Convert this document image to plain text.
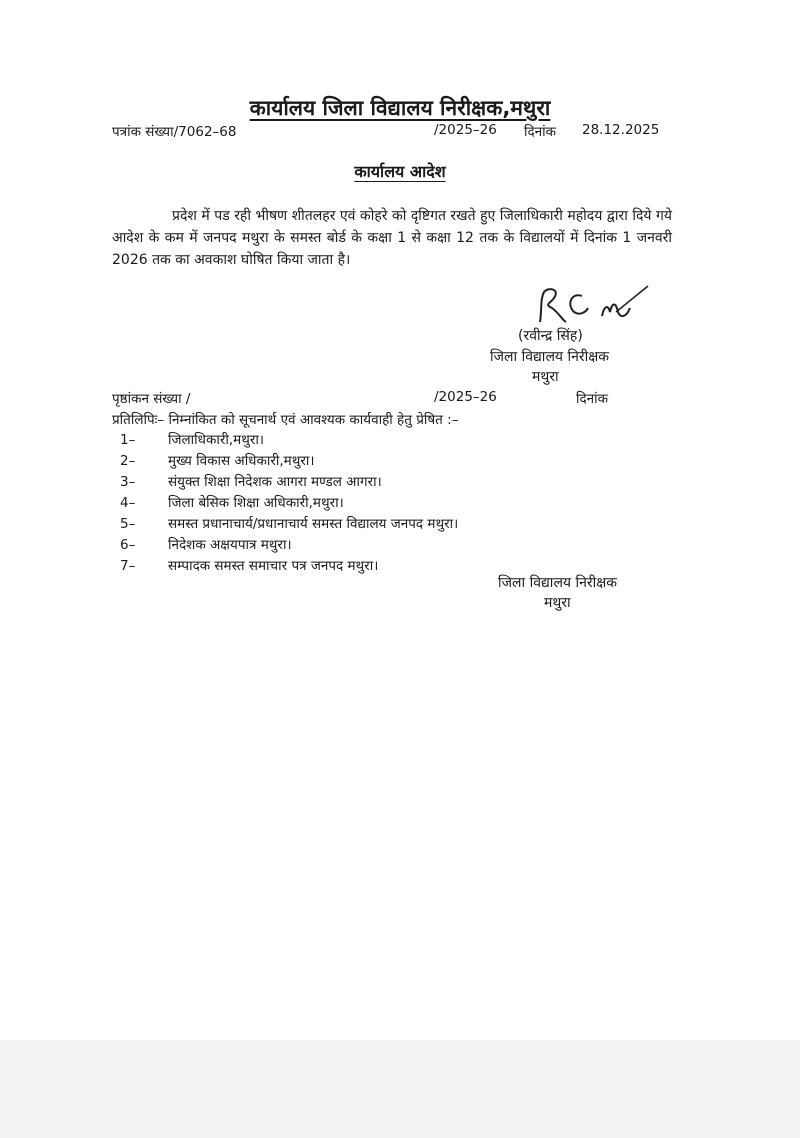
कार्यालय जिला विद्यालय निरीक्षक,मथुरा
पत्रांक संख्या/7062–68	/2025–26 दिनांक 28.12.2025
कार्यालय आदेश
प्रदेश में पड रही भीषण शीतलहर एवं कोहरे को दृष्टिगत रखते हुए जिलाधिकारी महोदय द्वारा दिये गये आदेश के कम में जनपद मथुरा के समस्त बोर्ड के कक्षा 1 से कक्षा 12 तक के विद्यालयों में दिनांक 1 जनवरी 2026 तक का अवकाश घोषित किया जाता है।
(रवीन्द्र सिंह)
जिला विद्यालय निरीक्षक
मथुरा
पृष्ठांकन संख्या /	/2025–26	दिनांक
प्रतिलिपिः– निम्नांकित को सूचनार्थ एवं आवश्यक कार्यवाही हेतु प्रेषित :–
1– जिलाधिकारी,मथुरा।
2– मुख्य विकास अधिकारी,मथुरा।
3– संयुक्त शिक्षा निदेशक आगरा मण्डल आगरा।
4– जिला बेसिक शिक्षा अधिकारी,मथुरा।
5– समस्त प्रधानाचार्य/प्रधानाचार्य समस्त विद्यालय जनपद मथुरा।
6– निदेशक अक्षयपात्र मथुरा।
7– सम्पादक समस्त समाचार पत्र जनपद मथुरा।
जिला विद्यालय निरीक्षक
मथुरा
